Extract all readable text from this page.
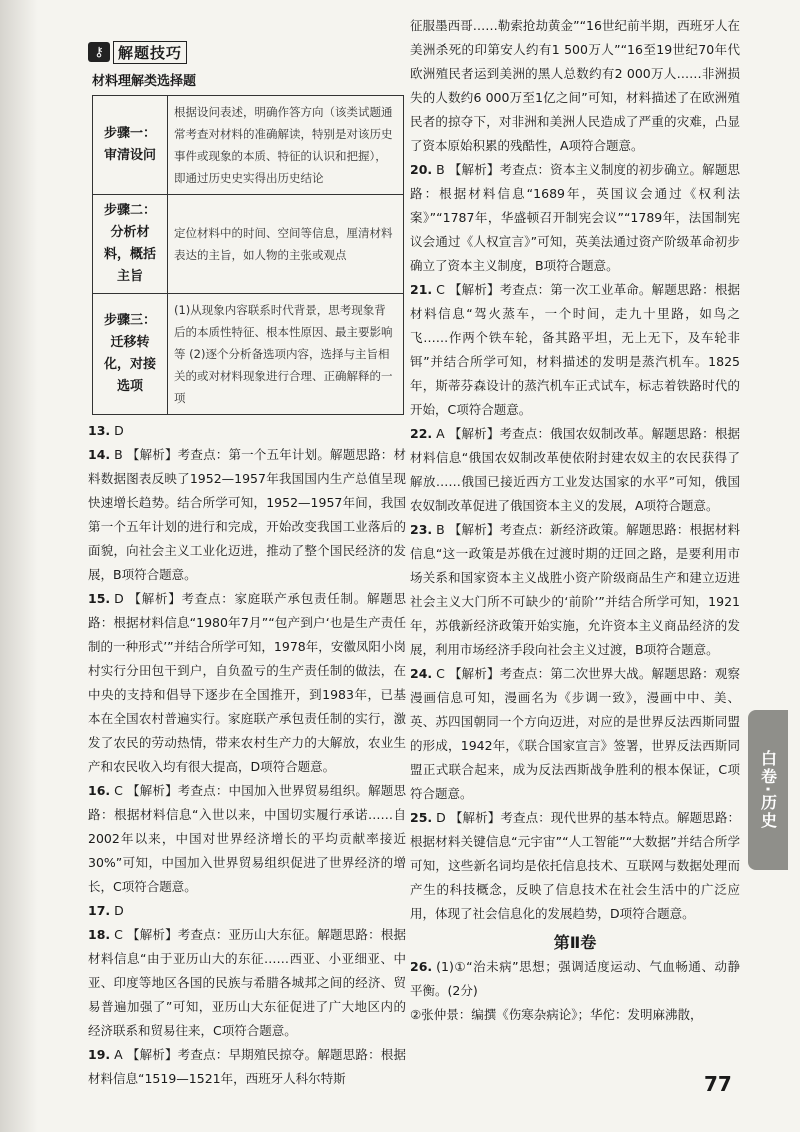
⚷ 解题技巧
材料理解类选择题
步骤一：审清设问	根据设问表述，明确作答方向（该类试题通常考查对材料的准确解读，特别是对该历史事件或现象的本质、特征的认识和把握），即通过历史史实得出历史结论
步骤二：分析材料，概括主旨	定位材料中的时间、空间等信息，厘清材料表达的主旨，如人物的主张或观点
步骤三：迁移转化，对接选项	(1)从现象内容联系时代背景，思考现象背后的本质性特征、根本性原因、最主要影响等 (2)逐个分析备选项内容，选择与主旨相关的或对材料现象进行合理、正确解释的一项
13. D
14. B 【解析】考查点：第一个五年计划。解题思路：材料数据图表反映了1952—1957年我国国内生产总值呈现快速增长趋势。结合所学可知，1952—1957年间，我国第一个五年计划的进行和完成，开始改变我国工业落后的面貌，向社会主义工业化迈进，推动了整个国民经济的发展，B项符合题意。
15. D 【解析】考查点：家庭联产承包责任制。解题思路：根据材料信息“1980年7月”“包产到户‘也是生产责任制的一种形式’”并结合所学可知，1978年，安徽凤阳小岗村实行分田包干到户，自负盈亏的生产责任制的做法，在中央的支持和倡导下逐步在全国推开，到1983年，已基本在全国农村普遍实行。家庭联产承包责任制的实行，激发了农民的劳动热情，带来农村生产力的大解放，农业生产和农民收入均有很大提高，D项符合题意。
16. C 【解析】考查点：中国加入世界贸易组织。解题思路：根据材料信息“入世以来，中国切实履行承诺……自2002年以来，中国对世界经济增长的平均贡献率接近30%”可知，中国加入世界贸易组织促进了世界经济的增长，C项符合题意。
17. D
18. C 【解析】考查点：亚历山大东征。解题思路：根据材料信息“由于亚历山大的东征……西亚、小亚细亚、中亚、印度等地区各国的民族与希腊各城邦之间的经济、贸易普遍加强了”可知，亚历山大东征促进了广大地区内的经济联系和贸易往来，C项符合题意。
19. A 【解析】考查点：早期殖民掠夺。解题思路：根据材料信息“1519—1521年，西班牙人科尔特斯
征服墨西哥……勒索抢劫黄金”“16世纪前半期，西班牙人在美洲杀死的印第安人约有1 500万人”“16至19世纪70年代欧洲殖民者运到美洲的黑人总数约有2 000万人……非洲损失的人数约6 000万至1亿之间”可知，材料描述了在欧洲殖民者的掠夺下，对非洲和美洲人民造成了严重的灾难，凸显了资本原始积累的残酷性，A项符合题意。
20. B 【解析】考查点：资本主义制度的初步确立。解题思路：根据材料信息“1689年，英国议会通过《权利法案》”“1787年，华盛顿召开制宪会议”“1789年，法国制宪议会通过《人权宣言》”可知，英美法通过资产阶级革命初步确立了资本主义制度，B项符合题意。
21. C 【解析】考查点：第一次工业革命。解题思路：根据材料信息“驾火蒸车，一个时间，走九十里路，如鸟之飞……作两个铁车轮，备其路平坦，无上无下，及车轮非铒”并结合所学可知，材料描述的发明是蒸汽机车。1825年，斯蒂芬森设计的蒸汽机车正式试车，标志着铁路时代的开始，C项符合题意。
22. A 【解析】考查点：俄国农奴制改革。解题思路：根据材料信息“俄国农奴制改革使依附封建农奴主的农民获得了解放……俄国已接近西方工业发达国家的水平”可知，俄国农奴制改革促进了俄国资本主义的发展，A项符合题意。
23. B 【解析】考查点：新经济政策。解题思路：根据材料信息“这一政策是苏俄在过渡时期的迂回之路，是要利用市场关系和国家资本主义战胜小资产阶级商品生产和建立迈进社会主义大门所不可缺少的‘前阶’”并结合所学可知，1921年，苏俄新经济政策开始实施，允许资本主义商品经济的发展，利用市场经济手段向社会主义过渡，B项符合题意。
24. C 【解析】考查点：第二次世界大战。解题思路：观察漫画信息可知，漫画名为《步调一致》，漫画中中、美、英、苏四国朝同一个方向迈进，对应的是世界反法西斯同盟的形成，1942年，《联合国家宣言》签署，世界反法西斯同盟正式联合起来，成为反法西斯战争胜利的根本保证，C项符合题意。
25. D 【解析】考查点：现代世界的基本特点。解题思路：根据材料关键信息“元宇宙”“人工智能”“大数据”并结合所学可知，这些新名词均是依托信息技术、互联网与数据处理而产生的科技概念，反映了信息技术在社会生活中的广泛应用，体现了社会信息化的发展趋势，D项符合题意。
第Ⅱ卷
26. (1)①“治未病”思想；强调适度运动、气血畅通、动静平衡。(2分)
②张仲景：编撰《伤寒杂病论》；华佗：发明麻沸散，
白卷·历史
77
